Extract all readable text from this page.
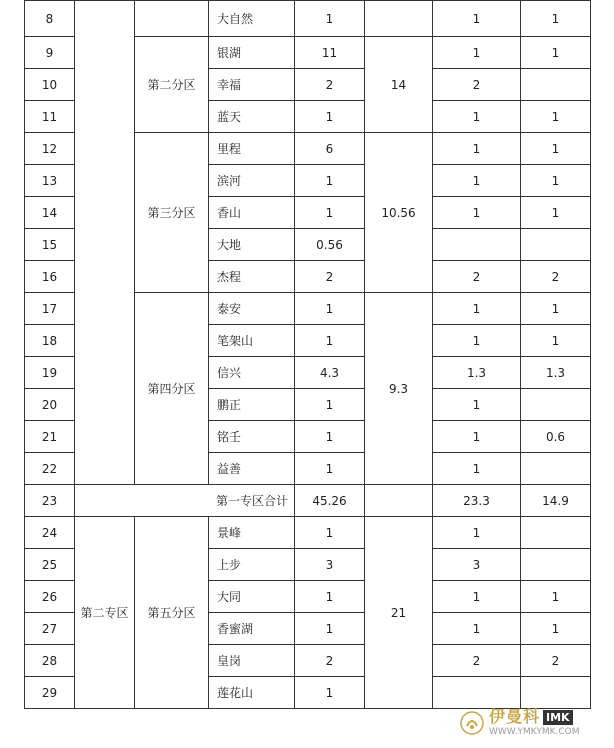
8			大自然	1		1	1
9		第二分区	银湖	11	14	1	1
10			幸福	2		2	
11			蓝天	1		1	1
12		第三分区	里程	6	10.56	1	1
13			滨河	1		1	1
14			香山	1		1	1
15			大地	0.56			
16			杰程	2		2	2
17		第四分区	泰安	1	9.3	1	1
18			笔架山	1		1	1
19			信兴	4.3		1.3	1.3
20			鹏正	1		1	
21			铭壬	1		1	0.6
22			益善	1		1	
23	第一专区合计			45.26		23.3	14.9
24	第二专区	第五分区	景峰	1	21	1	
25			上步	3		3	
26			大同	1		1	1
27			香蜜湖	1		1	1
28			皇岗	2		2	2
29			莲花山	1			
伊曼科 IMK
WWW.YMKYMK.COM
